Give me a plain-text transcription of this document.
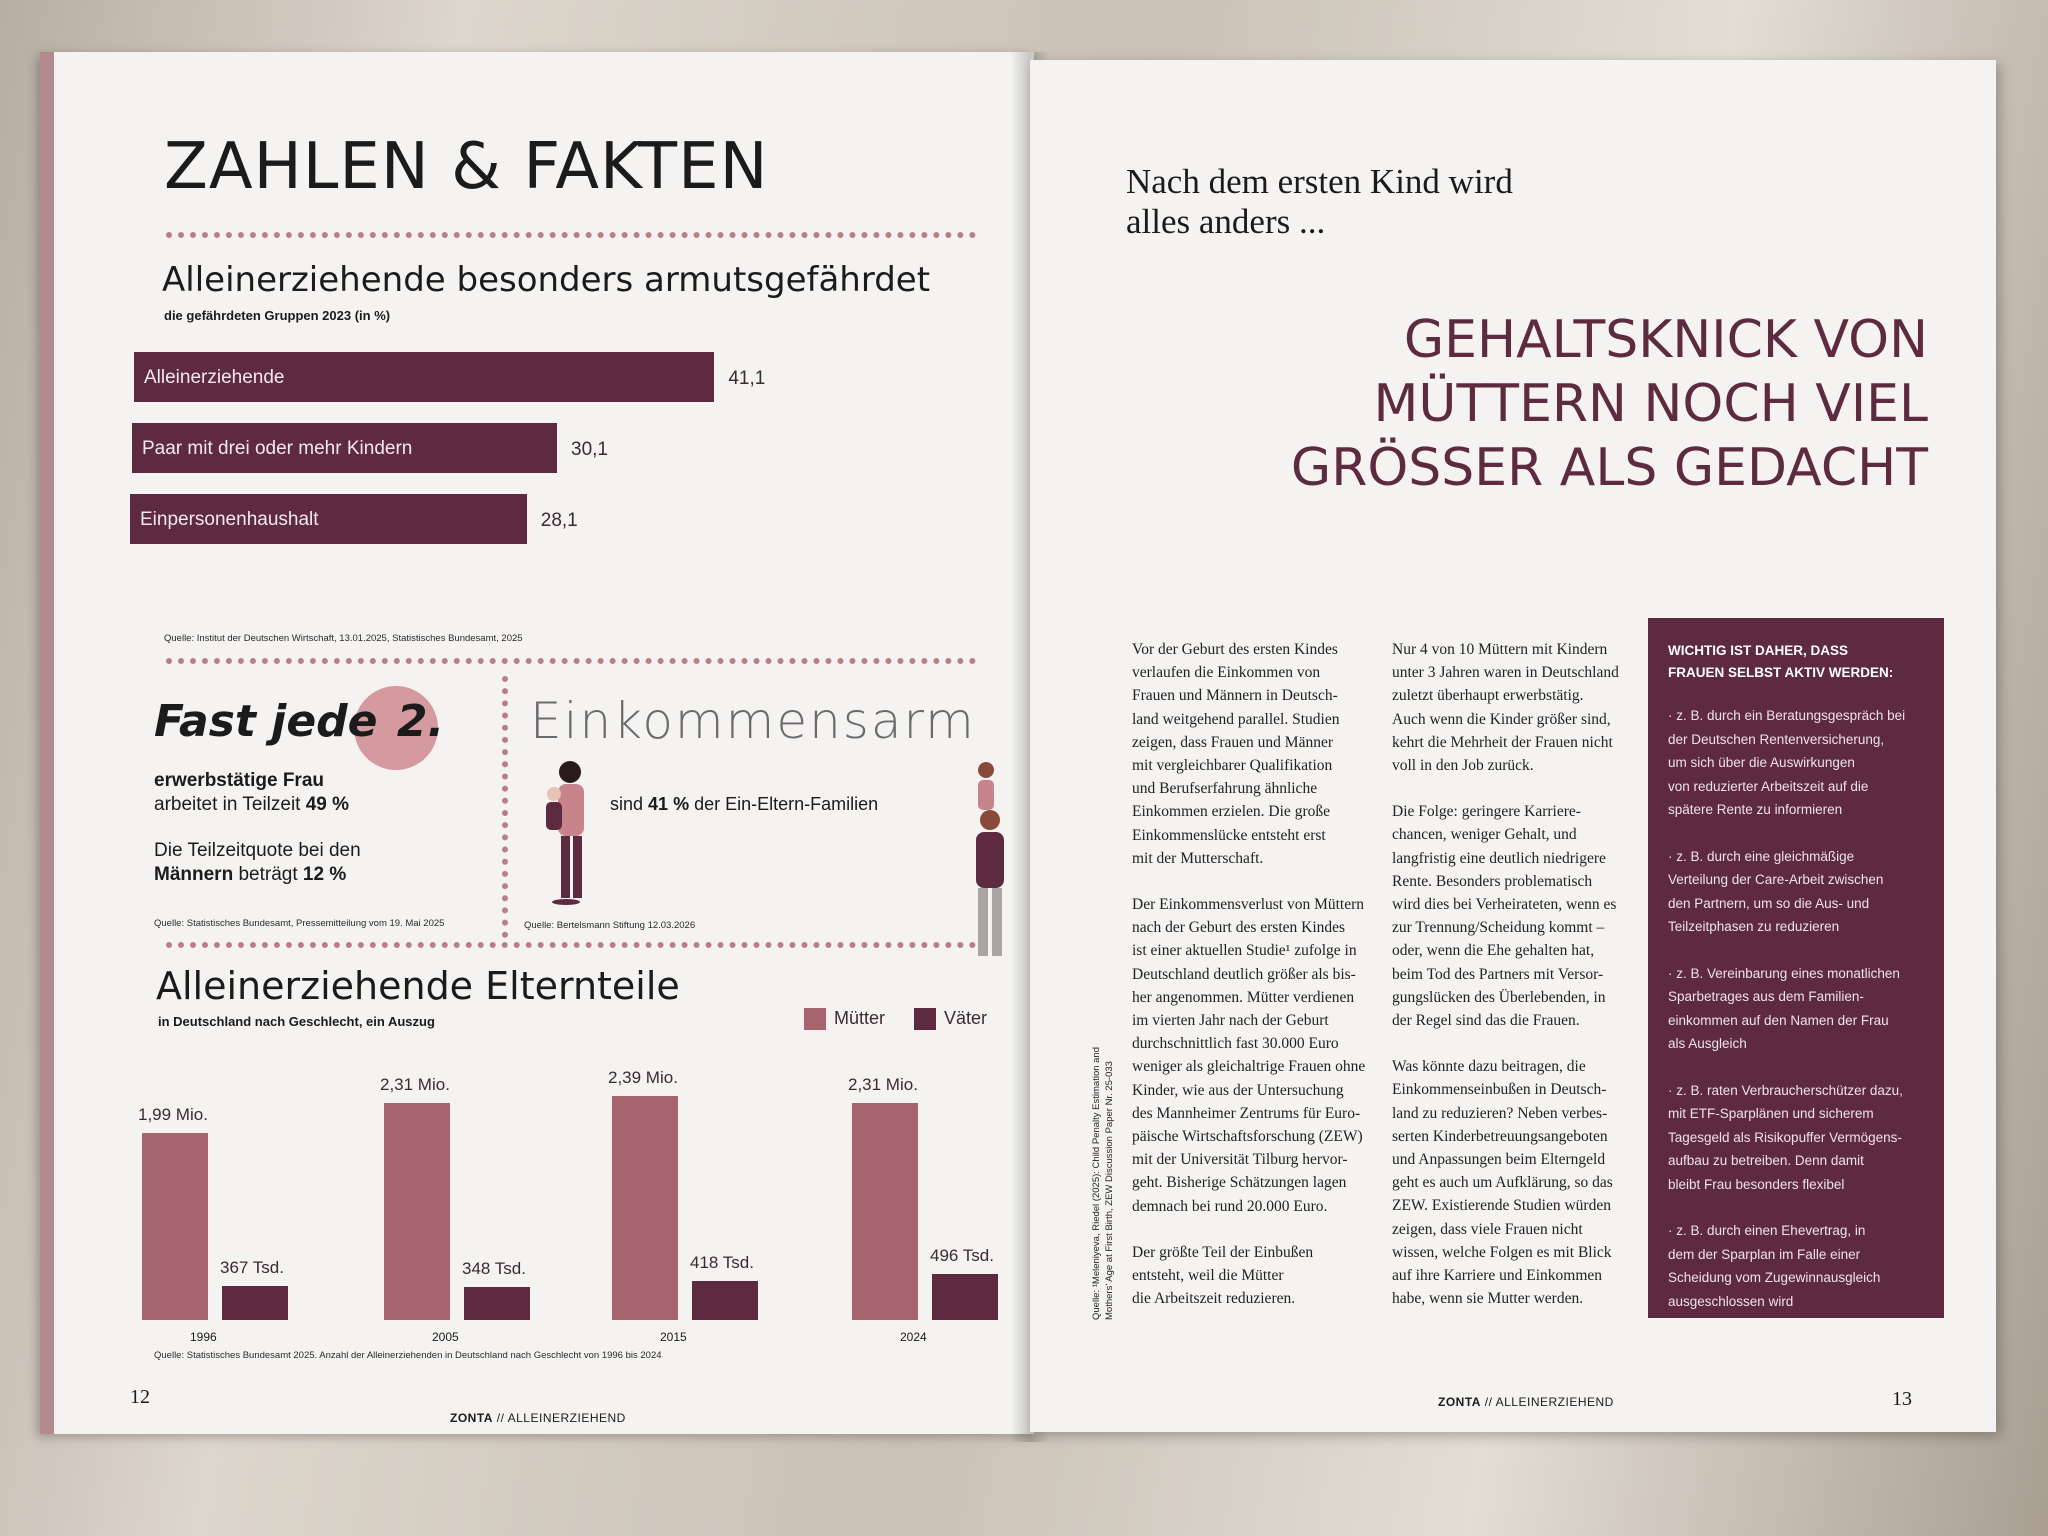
ZAHLEN & FAKTEN
Alleinerziehende besonders armutsgefährdet
die gefährdeten Gruppen 2023 (in %)
Alleinerziehende	41,1
Paar mit drei oder mehr Kindern	30,1
Einpersonenhaushalt	28,1
Quelle: Institut der Deutschen Wirtschaft, 13.01.2025, Statistisches Bundesamt, 2025
Fast jede 2.
erwerbstätige Frau
arbeitet in Teilzeit 49 %
Die Teilzeitquote bei den
Männern beträgt 12 %
Quelle: Statistisches Bundesamt, Pressemitteilung vom 19. Mai 2025
Einkommensarm
sind 41 % der Ein-Eltern-Familien
Quelle: Bertelsmann Stiftung 12.03.2026
Alleinerziehende Elternteile
in Deutschland nach Geschlecht, ein Auszug	Mütter	Väter
1,99 Mio.
367 Tsd.
1996
2,31 Mio.
348 Tsd.
2005
2,39 Mio.
418 Tsd.
2015
2,31 Mio.
496 Tsd.
2024
Quelle: Statistisches Bundesamt 2025. Anzahl der Alleinerziehenden in Deutschland nach Geschlecht von 1996 bis 2024
12
ZONTA // ALLEINERZIEHEND
Nach dem ersten Kind wird
alles anders ...
GEHALTSKNICK VON
MÜTTERN NOCH VIEL
GRÖSSER ALS GEDACHT

Vor der Geburt des ersten Kindes
verlaufen die Einkommen von
Frauen und Männern in Deutsch-
land weitgehend parallel. Studien
zeigen, dass Frauen und Männer
mit vergleichbarer Qualifikation
und Berufserfahrung ähnliche
Einkommen erzielen. Die große
Einkommenslücke entsteht erst
mit der Mutterschaft.

Der Einkommensverlust von Müttern
nach der Geburt des ersten Kindes
ist einer aktuellen Studie¹ zufolge in
Deutschland deutlich größer als bis-
her angenommen. Mütter verdienen
im vierten Jahr nach der Geburt
durchschnittlich fast 30.000 Euro
weniger als gleichaltrige Frauen ohne
Kinder, wie aus der Untersuchung
des Mannheimer Zentrums für Euro-
päische Wirtschaftsforschung (ZEW)
mit der Universität Tilburg hervor-
geht. Bisherige Schätzungen lagen
demnach bei rund 20.000 Euro.

Der größte Teil der Einbußen
entsteht, weil die Mütter
die Arbeitszeit reduzieren.

Nur 4 von 10 Müttern mit Kindern
unter 3 Jahren waren in Deutschland
zuletzt überhaupt erwerbstätig.
Auch wenn die Kinder größer sind,
kehrt die Mehrheit der Frauen nicht
voll in den Job zurück.

Die Folge: geringere Karriere-
chancen, weniger Gehalt, und
langfristig eine deutlich niedrigere
Rente. Besonders problematisch
wird dies bei Verheirateten, wenn es
zur Trennung/Scheidung kommt –
oder, wenn die Ehe gehalten hat,
beim Tod des Partners mit Versor-
gungslücken des Überlebenden, in
der Regel sind das die Frauen.

Was könnte dazu beitragen, die
Einkommenseinbußen in Deutsch-
land zu reduzieren? Neben verbes-
serten Kinderbetreuungsangeboten
und Anpassungen beim Elterngeld
geht es auch um Aufklärung, so das
ZEW. Existierende Studien würden
zeigen, dass viele Frauen nicht
wissen, welche Folgen es mit Blick
auf ihre Karriere und Einkommen
habe, wenn sie Mutter werden.

Quelle: ¹Meleniyeva, Riedel (2025): Child Penalty Estimation and Mothers' Age at First Birth, ZEW Discussion Paper Nr. 25-033
WICHTIG IST DAHER, DASS
FRAUEN SELBST AKTIV WERDEN:
· z. B. durch ein Beratungsgespräch bei
der Deutschen Rentenversicherung,
um sich über die Auswirkungen
von reduzierter Arbeitszeit auf die
spätere Rente zu informieren
· z. B. durch eine gleichmäßige
Verteilung der Care-Arbeit zwischen
den Partnern, um so die Aus- und
Teilzeitphasen zu reduzieren
· z. B. Vereinbarung eines monatlichen
Sparbetrages aus dem Familien-
einkommen auf den Namen der Frau
als Ausgleich
· z. B. raten Verbraucherschützer dazu,
mit ETF-Sparplänen und sicherem
Tagesgeld als Risikopuffer Vermögens-
aufbau zu betreiben. Denn damit
bleibt Frau besonders flexibel
· z. B. durch einen Ehevertrag, in
dem der Sparplan im Falle einer
Scheidung vom Zugewinnausgleich
ausgeschlossen wird
ZONTA // ALLEINERZIEHEND	13
